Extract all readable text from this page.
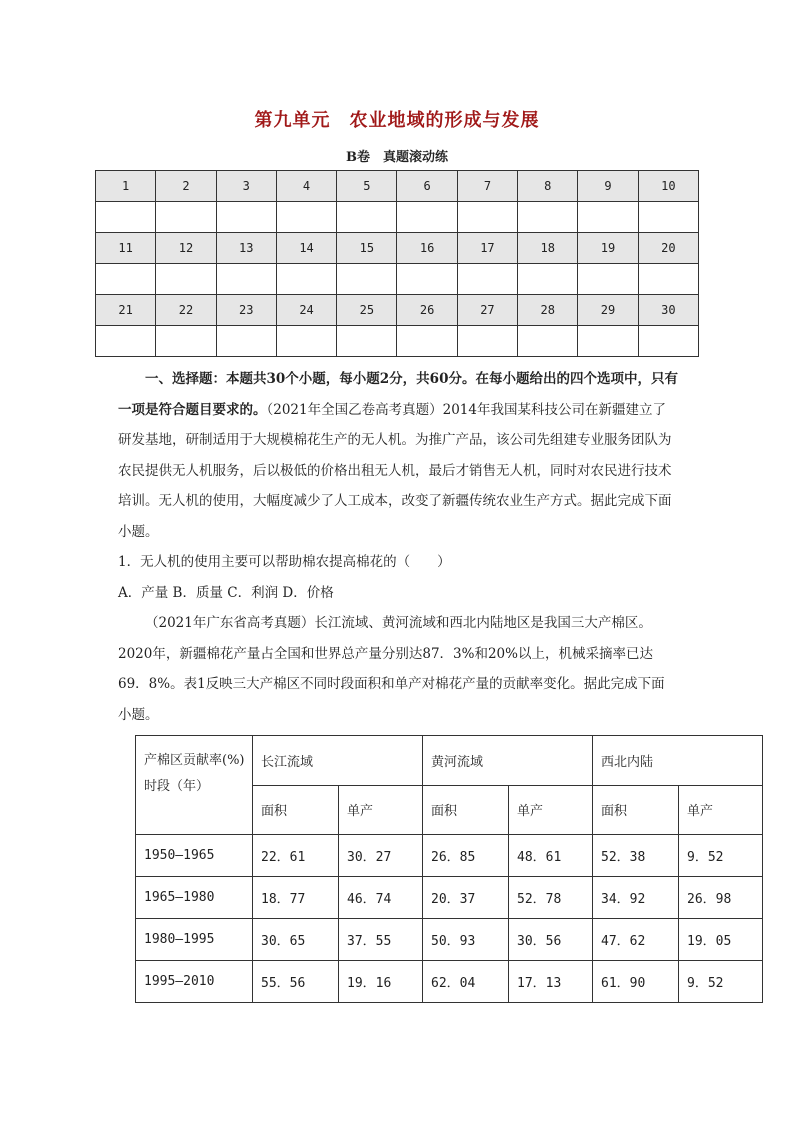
第九单元　农业地域的形成与发展
B卷　真题滚动练
1	2	3	4	5	6	7	8	9	10

11	12	13	14	15	16	17	18	19	20

21	22	23	24	25	26	27	28	29	30

一、选择题：本题共30个小题，每小题2分，共60分。在每小题给出的四个选项中，只有一项是符合题目要求的。（2021年全国乙卷高考真题）2014年我国某科技公司在新疆建立了研发基地，研制适用于大规模棉花生产的无人机。为推广产品，该公司先组建专业服务团队为农民提供无人机服务，后以极低的价格出租无人机，最后才销售无人机，同时对农民进行技术培训。无人机的使用，大幅度减少了人工成本，改变了新疆传统农业生产方式。据此完成下面小题。

1．无人机的使用主要可以帮助棉农提高棉花的（　　）

A．产量 B．质量 C．利润 D．价格

（2021年广东省高考真题）长江流域、黄河流域和西北内陆地区是我国三大产棉区。2020年，新疆棉花产量占全国和世界总产量分别达87．3%和20%以上，机械采摘率已达69．8%。表1反映三大产棉区不同时段面积和单产对棉花产量的贡献率变化。据此完成下面小题。

产棉区贡献率(%)
时段（年）	长江流域		黄河流域		西北内陆	
	面积	单产	面积	单产	面积	单产
1950—1965	22．61	30．27	26．85	48．61	52．38	9．52
1965—1980	18．77	46．74	20．37	52．78	34．92	26．98
1980—1995	30．65	37．55	50．93	30．56	47．62	19．05
1995—2010	55．56	19．16	62．04	17．13	61．90	9．52
